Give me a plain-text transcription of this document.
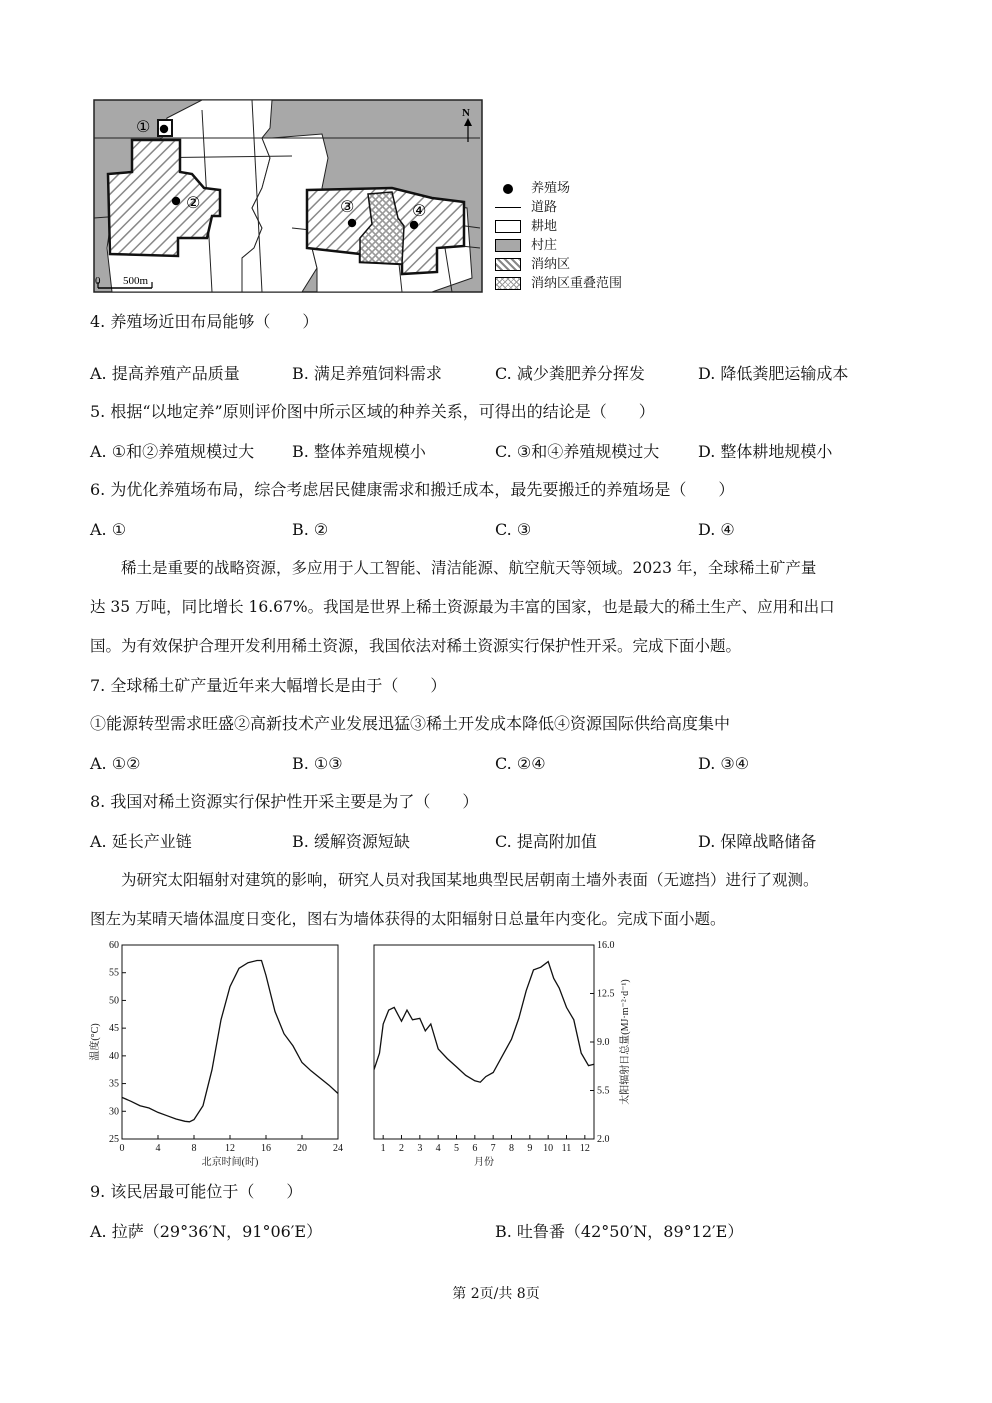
①
②	③	④
N
0 500m
养殖场
道路
耕地
村庄
消纳区
消纳区重叠范围
4. 养殖场近田布局能够（　　）
A. 提高养殖产品质量	B. 满足养殖饲料需求	C. 减少粪肥养分挥发	D. 降低粪肥运输成本
5. 根据“以地定养”原则评价图中所示区域的种养关系，可得出的结论是（　　）
A. ①和②养殖规模过大 B. 整体养殖规模小	C. ③和④养殖规模过大 D. 整体耕地规模小
6. 为优化养殖场布局，综合考虑居民健康需求和搬迁成本，最先要搬迁的养殖场是（　　）
A. ①	B. ②	C. ③	D. ④
　　稀土是重要的战略资源，多应用于人工智能、清洁能源、航空航天等领域。2023 年，全球稀土矿产量
达 35 万吨，同比增长 16.67%。我国是世界上稀土资源最为丰富的国家，也是最大的稀土生产、应用和出口
国。为有效保护合理开发利用稀土资源，我国依法对稀土资源实行保护性开采。完成下面小题。
7. 全球稀土矿产量近年来大幅增长是由于（　　）
①能源转型需求旺盛②高新技术产业发展迅猛③稀土开发成本降低④资源国际供给高度集中
A. ①②	B. ①③	C. ②④	D. ③④
8. 我国对稀土资源实行保护性开采主要是为了（　　）
A. 延长产业链	B. 缓解资源短缺	C. 提高附加值	D. 保障战略储备
　　为研究太阳辐射对建筑的影响，研究人员对我国某地典型民居朝南土墙外表面（无遮挡）进行了观测。
图左为某晴天墙体温度日变化，图右为墙体获得的太阳辐射日总量年内变化。完成下面小题。
0	4	8	12	16	20	24
25
30
35
40
45
50
55
60
北京时间(时)
温度(°C)
1 2 3 4 5 6 7 8 9 10 11 12
2.0
5.5
9.0
12.5
16.0
月份
太阳辐射日总量(MJ·m⁻²·d⁻¹)
9. 该民居最可能位于（　　）
A. 拉萨（29°36′N，91°06′E）	B. 吐鲁番（42°50′N，89°12′E）
第 2页/共 8页
